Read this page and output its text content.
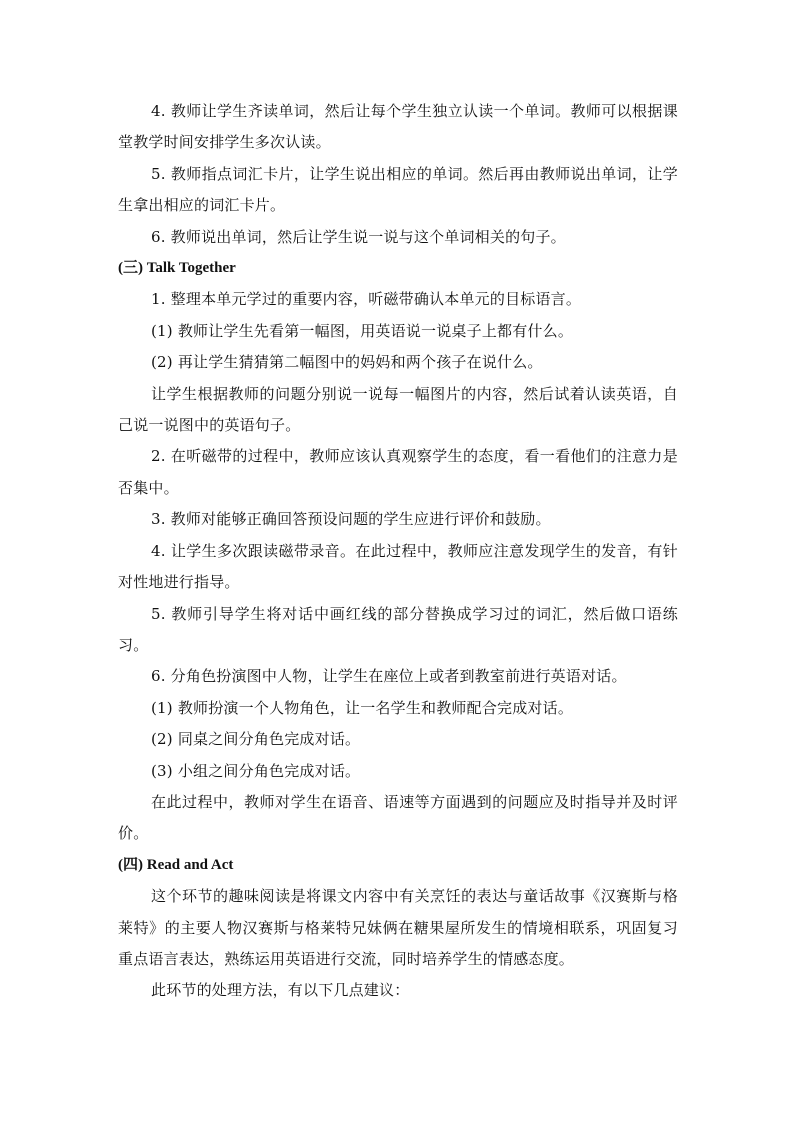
4. 教师让学生齐读单词，然后让每个学生独立认读一个单词。教师可以根据课堂教学时间安排学生多次认读。

5. 教师指点词汇卡片，让学生说出相应的单词。然后再由教师说出单词，让学生拿出相应的词汇卡片。

6. 教师说出单词，然后让学生说一说与这个单词相关的句子。

(三) Talk Together

1. 整理本单元学过的重要内容，听磁带确认本单元的目标语言。

(1) 教师让学生先看第一幅图，用英语说一说桌子上都有什么。

(2) 再让学生猜猜第二幅图中的妈妈和两个孩子在说什么。

让学生根据教师的问题分别说一说每一幅图片的内容，然后试着认读英语，自己说一说图中的英语句子。

2. 在听磁带的过程中，教师应该认真观察学生的态度，看一看他们的注意力是否集中。

3. 教师对能够正确回答预设问题的学生应进行评价和鼓励。

4. 让学生多次跟读磁带录音。在此过程中，教师应注意发现学生的发音，有针对性地进行指导。

5. 教师引导学生将对话中画红线的部分替换成学习过的词汇，然后做口语练习。

6. 分角色扮演图中人物，让学生在座位上或者到教室前进行英语对话。

(1) 教师扮演一个人物角色，让一名学生和教师配合完成对话。

(2) 同桌之间分角色完成对话。

(3) 小组之间分角色完成对话。

在此过程中，教师对学生在语音、语速等方面遇到的问题应及时指导并及时评价。

(四) Read and Act

这个环节的趣味阅读是将课文内容中有关烹饪的表达与童话故事《汉赛斯与格莱特》的主要人物汉赛斯与格莱特兄妹俩在糖果屋所发生的情境相联系，巩固复习重点语言表达，熟练运用英语进行交流，同时培养学生的情感态度。

此环节的处理方法，有以下几点建议：
